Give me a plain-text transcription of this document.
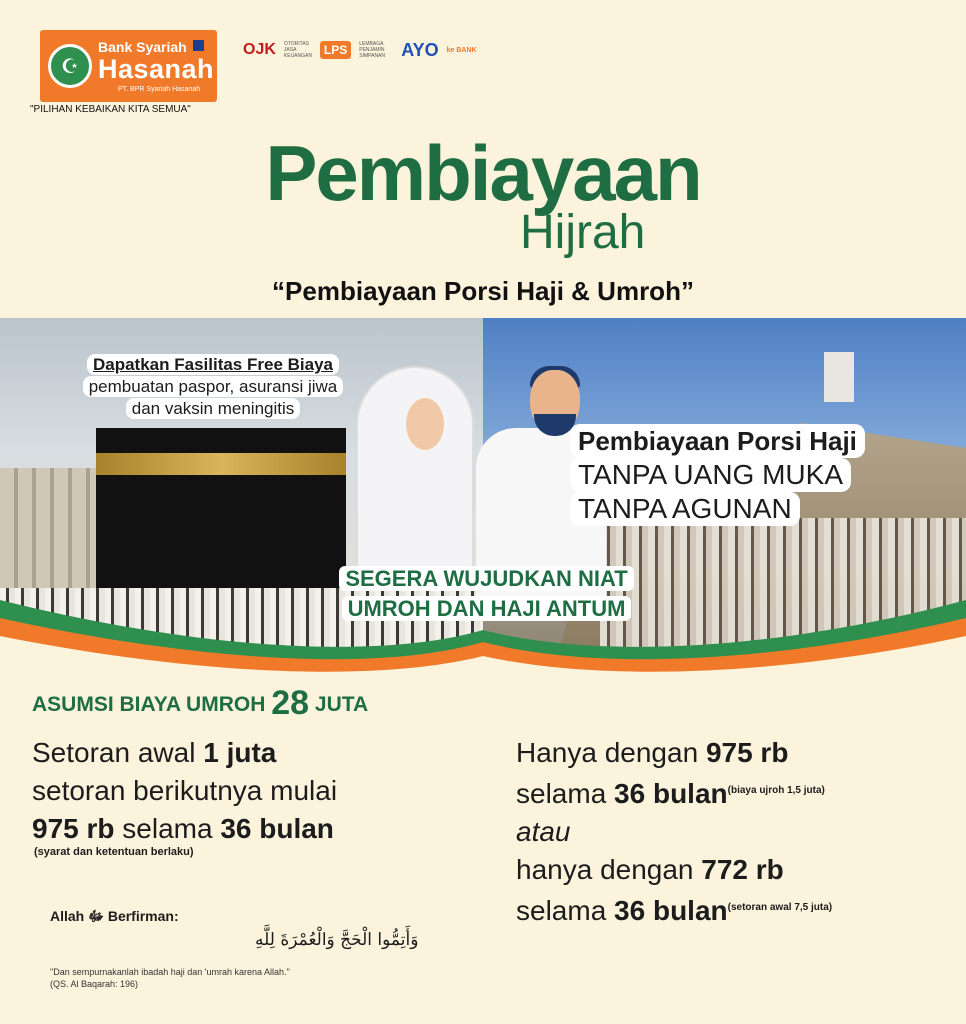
☪
Bank Syariah
Hasanah
PT. BPR Syariah Hasanah
"PILIHAN KEBAIKAN KITA SEMUA"
OJK OTORITAS JASA KEUANGAN LPS	LEMBAGA PENJAMIN SIMPANAN AYO ke BANK
Pembiayaan
Hijrah
“Pembiayaan Porsi Haji & Umroh”
Dapatkan Fasilitas Free Biaya
pembuatan paspor, asuransi jiwa
dan vaksin meningitis
Pembiayaan Porsi Haji
TANPA UANG MUKA
TANPA AGUNAN
SEGERA WUJUDKAN NIAT
UMROH DAN HAJI ANTUM
ASUMSI BIAYA UMROH 28 JUTA
Setoran awal 1 juta
setoran berikutnya mulai
975 rb selama 36 bulan
(syarat dan ketentuan berlaku)
Hanya dengan 975 rb
selama 36 bulan$^{(biaya ujroh 1,5 juta)}$
atau
hanya dengan 772 rb
selama 36 bulan$^{(setoran awal 7,5 juta)}$
Allah ﷻ Berfirman:
وَأَتِمُّوا الْحَجَّ وَالْعُمْرَةَ لِلَّهِ
"Dan sempurnakanlah ibadah haji dan 'umrah karena Allah."
(QS. Al Baqarah: 196)
